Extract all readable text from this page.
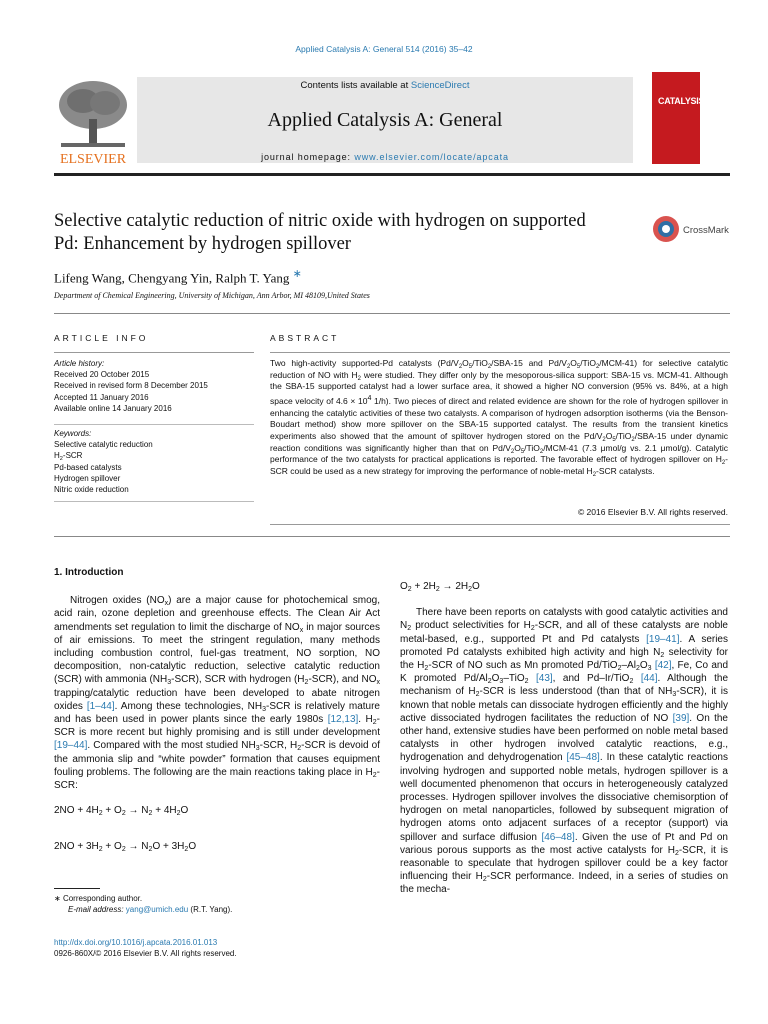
Applied Catalysis A: General 514 (2016) 35–42
Contents lists available at ScienceDirect
Applied Catalysis A: General
journal homepage: www.elsevier.com/locate/apcata
ELSEVIER
CATALYSIS
Selective catalytic reduction of nitric oxide with hydrogen on supported Pd: Enhancement by hydrogen spillover
CrossMark
Lifeng Wang, Chengyang Yin, Ralph T. Yang ∗
Department of Chemical Engineering, University of Michigan, Ann Arbor, MI 48109,United States
ARTICLE INFO	ABSTRACT
Article history:
Received 20 October 2015
Received in revised form 8 December 2015
Accepted 11 January 2016
Available online 14 January 2016
Keywords:
Selective catalytic reduction
$H_2$-SCR
Pd-based catalysts
Hydrogen spillover
Nitric oxide reduction
Two high-activity supported-Pd catalysts ($Pd/V_2O_5/TiO_2/SBA-15$ and $Pd/V_2O_5/TiO_2/MCM-41$) for selective catalytic reduction of NO with $H_2$ were studied. They differ only by the mesoporous-silica support: SBA-15 vs. MCM-41. Although the SBA-15 supported catalyst had a lower surface area, it showed a higher NO conversion (95% vs. 84%, at a high space velocity of $4.6 \times 10^4$ 1/h). Two pieces of direct and related evidence are shown for the role of hydrogen spillover in enhancing the catalytic activities of these two catalysts. A comparison of hydrogen adsorption isotherms (via the Benson-Boudart method) show more spillover on the SBA-15 supported catalyst. The results from the transient kinetics experiments also showed that the amount of spiltover hydrogen stored on the $Pd/V_2O_5/TiO_2/SBA-15$ under dynamic reaction conditions was significantly higher than that on $Pd/V_2O_5/TiO_2/MCM-41$ (7.3 μmol/g vs. 2.1 μmol/g). Catalytic performance of the two catalysts for practical applications is reported. The favorable effect of hydrogen spillover on $H_2$-SCR could be used as a new strategy for improving the performance of noble-metal $H_2$-SCR catalysts.
© 2016 Elsevier B.V. All rights reserved.
1. Introduction

Nitrogen oxides $(NO_x)$ are a major cause for photochemical smog, acid rain, ozone depletion and greenhouse effects. The Clean Air Act amendments set regulation to limit the discharge of $NO_x$ in major sources of air emissions. To meet the stringent regulation, many methods including combustion control, fuel-gas treatment, NO sorption, NO decomposition, non-catalytic reduction, selective catalytic reduction (SCR) with ammonia $(NH_3-SCR)$, SCR with hydrogen $(H_2-SCR)$, and $NO_x$ trapping/catalytic reduction have been developed to abate nitrogen oxides [1–44]. Among these technologies, $NH_3$-SCR is relatively mature and has been used in power plants since the early 1980s [12,13]. $H_2$-SCR is more recent but highly promising and is still under development [19–44]. Compared with the most studied $NH_3$-SCR, $H_2$-SCR is devoid of the ammonia slip and “white powder” formation that causes equipment fouling problems. The following are the main reactions taking place in $H_2$-SCR:

$2NO + 4H_2 + O_2 \to N_2 + 4H_2O$
$2NO + 3H_2 + O_2 \to N_2O + 3H_2O$
$O_2 + 2H_2 \to 2H_2O$

There have been reports on catalysts with good catalytic activities and $N_2$ product selectivities for $H_2$-SCR, and all of these catalysts are noble metal-based, e.g., supported Pt and Pd catalysts [19–41]. A series promoted Pd catalysts exhibited high activity and high $N_2$ selectivity for the $H_2$-SCR of NO such as Mn promoted $Pd/TiO_2-Al_2O_3$ [42], Fe, Co and K promoted $Pd/Al_2O_3-TiO_2$ [43], and Pd–Ir/TiO$_2$ [44]. Although the mechanism of $H_2$-SCR is less understood (than that of $NH_3-SCR$), it is known that noble metals can dissociate hydrogen efficiently and the highly active dissociated hydrogen facilitates the reduction of NO [39]. On the other hand, extensive studies have been performed on noble metal based catalysts in other hydrogen involved catalytic reactions, e.g., hydrogenation and dehydrogenation [45–48]. In these catalytic reactions involving hydrogen and supported noble metals, hydrogen spillover is a well documented phenomenon that occurs in heterogeneously catalyzed processes. Hydrogen spillover involves the dissociative chemisorption of hydrogen on metal nanoparticles, followed by subsequent migration of hydrogen atoms onto adjacent surfaces of a receptor (support) via spillover and surface diffusion [46–48]. Given the use of Pt and Pd on various porous supports as the most active catalysts for $H_2$-SCR, it is reasonable to speculate that hydrogen spillover could be a key factor influencing their $H_2$-SCR performance. Indeed, in a series of studies on the mecha-

∗ Corresponding author.
E-mail address: yang@umich.edu (R.T. Yang).
http://dx.doi.org/10.1016/j.apcata.2016.01.013
0926-860X/© 2016 Elsevier B.V. All rights reserved.
